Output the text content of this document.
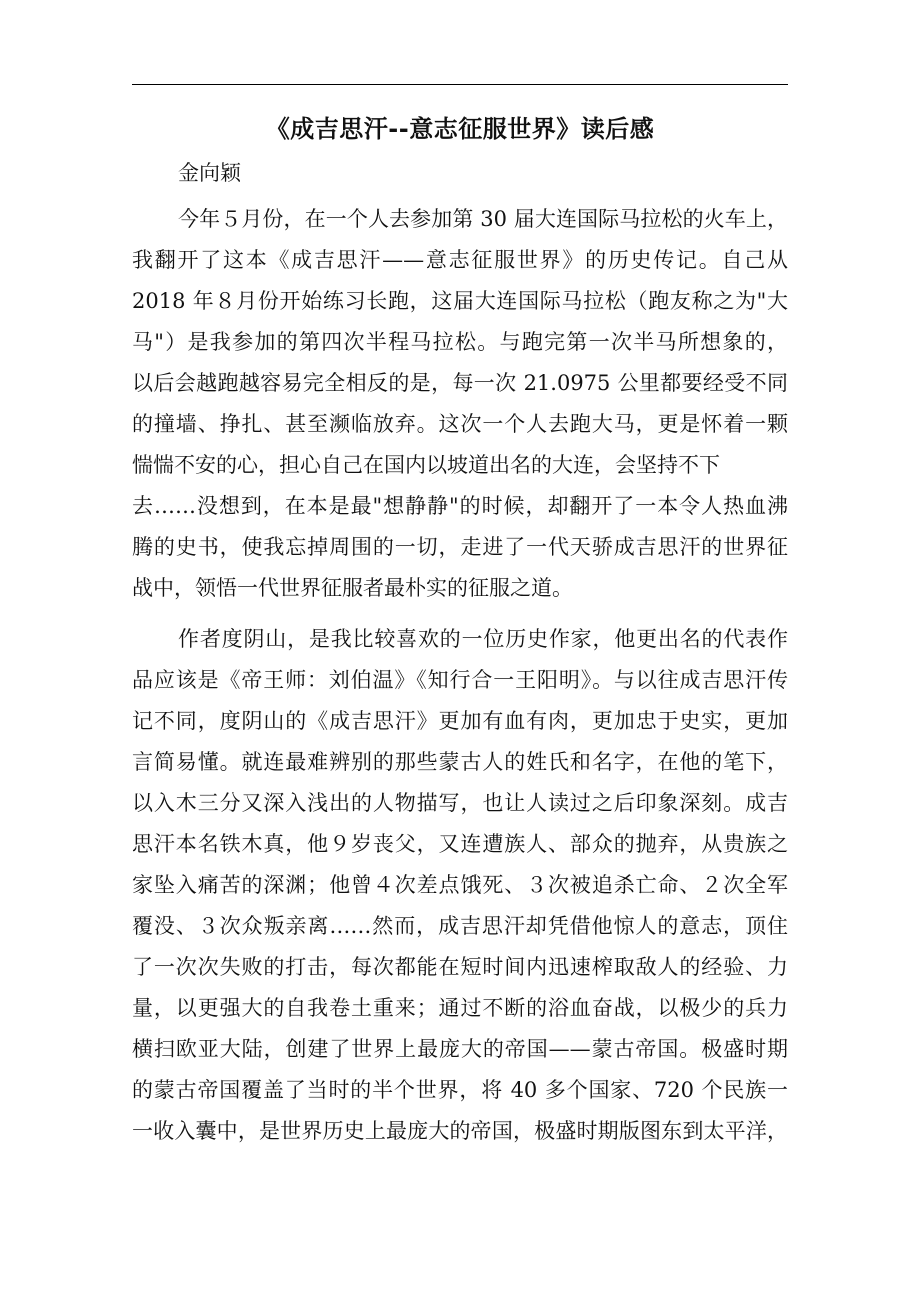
《成吉思汗--意志征服世界》读后感

金向颖

今年５月份，在一个人去参加第 30 届大连国际马拉松的火车上，

我翻开了这本《成吉思汗——意志征服世界》的历史传记。自己从

2018 年８月份开始练习长跑，这届大连国际马拉松（跑友称之为"大

马"）是我参加的第四次半程马拉松。与跑完第一次半马所想象的，

以后会越跑越容易完全相反的是，每一次 21.0975 公里都要经受不同

的撞墙、挣扎、甚至濒临放弃。这次一个人去跑大马，更是怀着一颗

惴惴不安的心，担心自己在国内以坡道出名的大连，会坚持不下

去……没想到，在本是最"想静静"的时候，却翻开了一本令人热血沸

腾的史书，使我忘掉周围的一切，走进了一代天骄成吉思汗的世界征

战中，领悟一代世界征服者最朴实的征服之道。

作者度阴山，是我比较喜欢的一位历史作家，他更出名的代表作

品应该是《帝王师：刘伯温》《知行合一王阳明》。与以往成吉思汗传

记不同，度阴山的《成吉思汗》更加有血有肉，更加忠于史实，更加

言简易懂。就连最难辨别的那些蒙古人的姓氏和名字，在他的笔下，

以入木三分又深入浅出的人物描写，也让人读过之后印象深刻。成吉

思汗本名铁木真，他９岁丧父，又连遭族人、部众的抛弃，从贵族之

家坠入痛苦的深渊；他曾４次差点饿死、３次被追杀亡命、２次全军

覆没、３次众叛亲离……然而，成吉思汗却凭借他惊人的意志，顶住

了一次次失败的打击，每次都能在短时间内迅速榨取敌人的经验、力

量，以更强大的自我卷土重来；通过不断的浴血奋战，以极少的兵力

横扫欧亚大陆，创建了世界上最庞大的帝国——蒙古帝国。极盛时期

的蒙古帝国覆盖了当时的半个世界，将 40 多个国家、720 个民族一

一收入囊中，是世界历史上最庞大的帝国，极盛时期版图东到太平洋，
